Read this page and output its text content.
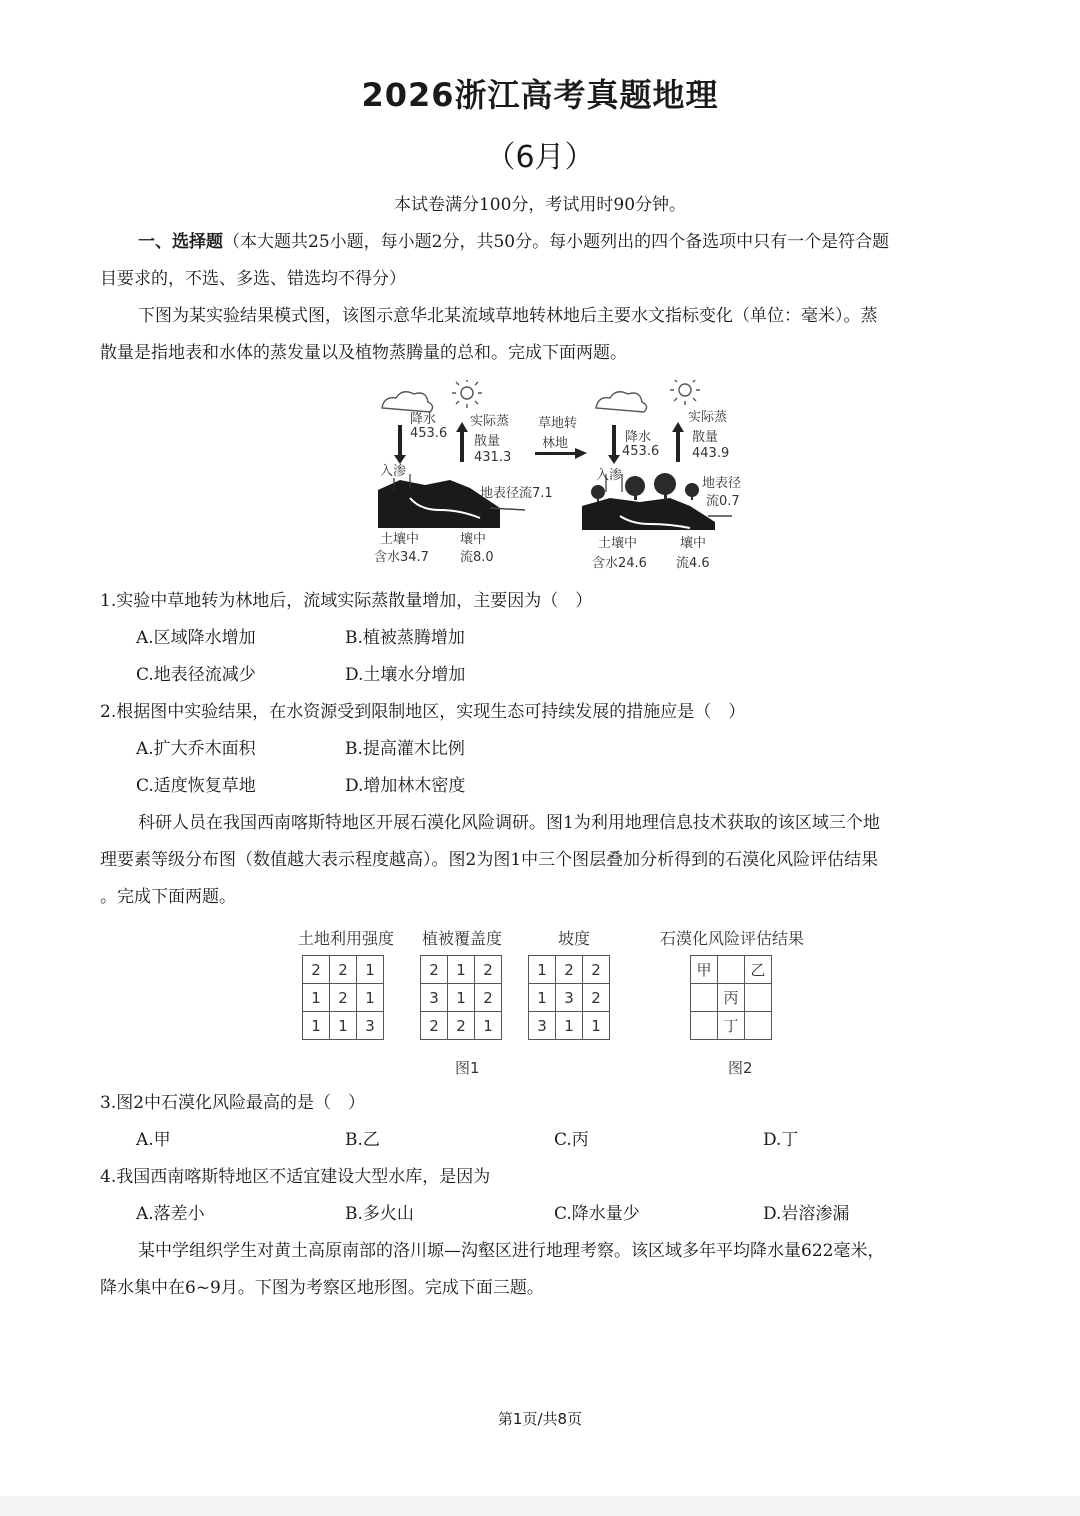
2026浙江高考真题地理
（6月）
本试卷满分100分，考试用时90分钟。
一、选择题（本大题共25小题，每小题2分，共50分。每小题列出的四个备选项中只有一个是符合题
目要求的，不选、多选、错选均不得分）
下图为某实验结果模式图，该图示意华北某流域草地转林地后主要水文指标变化（单位：毫米）。蒸
散量是指地表和水体的蒸发量以及植物蒸腾量的总和。完成下面两题。
降水
453.6
实际蒸
散量
431.3
入渗
地表径流7.1
土壤中
含水34.7
壤中
流8.0
草地转
林地	降水
453.6
实际蒸
散量
443.9
入渗
地表径
流0.7
土壤中
含水24.6
壤中
流4.6
1.实验中草地转为林地后，流域实际蒸散量增加，主要因为（　）
A.区域降水增加	B.植被蒸腾增加
C.地表径流减少	D.土壤水分增加
2.根据图中实验结果，在水资源受到限制地区，实现生态可持续发展的措施应是（　）
A.扩大乔木面积	B.提高灌木比例
C.适度恢复草地	D.增加林木密度
科研人员在我国西南喀斯特地区开展石漠化风险调研。图1为利用地理信息技术获取的该区域三个地
理要素等级分布图（数值越大表示程度越高）。图2为图1中三个图层叠加分析得到的石漠化风险评估结果
。完成下面两题。
土地利用强度 植被覆盖度	坡度	石漠化风险评估结果
2	2	1
1	2	1
1	1	3
2	1	2
3	1	2
2	2	1
1	2	2
1	3	2
3	1	1
甲		乙
	丙	
	丁	
图1	图2
3.图2中石漠化风险最高的是（　）
A.甲	B.乙	C.丙	D.丁
4.我国西南喀斯特地区不适宜建设大型水库，是因为
A.落差小	B.多火山	C.降水量少	D.岩溶渗漏
某中学组织学生对黄土高原南部的洛川塬—沟壑区进行地理考察。该区域多年平均降水量622毫米，
降水集中在6~9月。下图为考察区地形图。完成下面三题。
第1页/共8页
